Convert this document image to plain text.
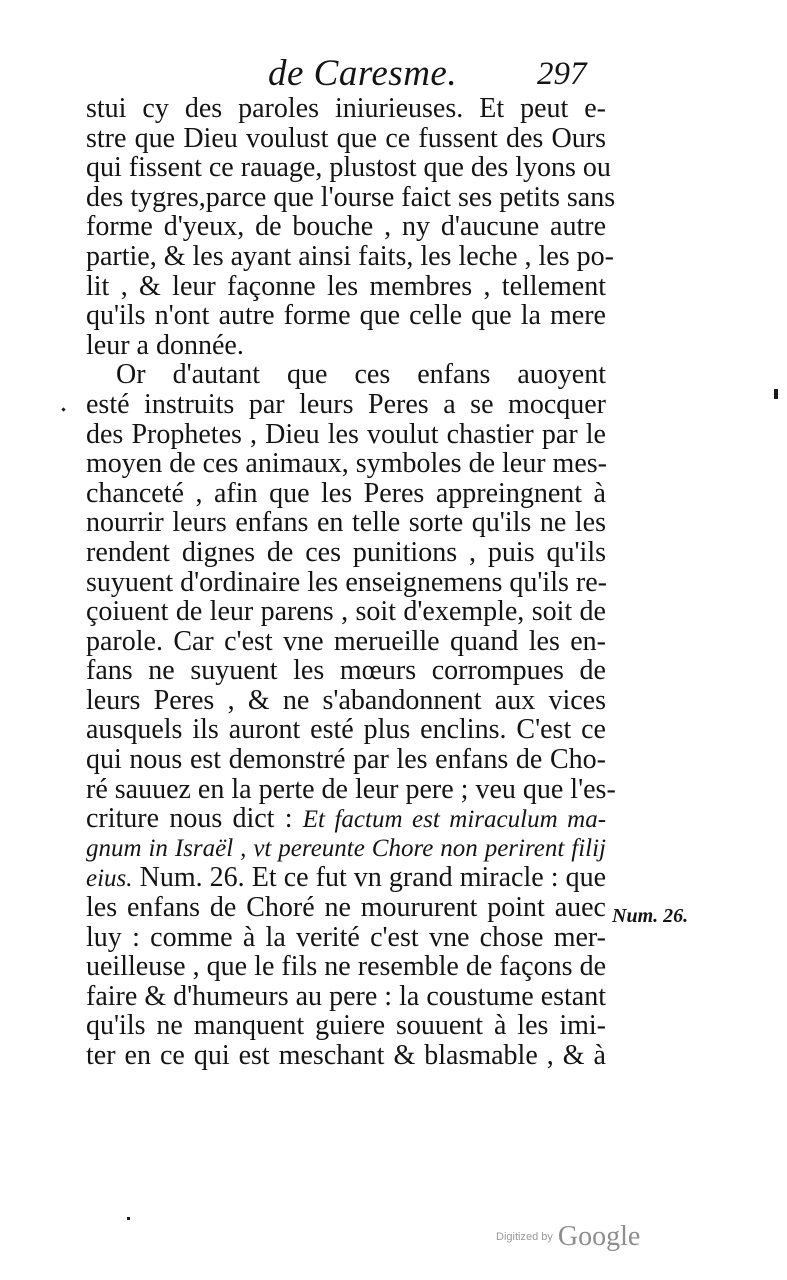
de Caresme. 297
stui cy des paroles iniurieuses. Et peut e-
stre que Dieu voulust que ce fussent des Ours
qui fissent ce rauage, plustost que des lyons ou
des tygres,parce que l'ourse faict ses petits sans
forme d'yeux, de bouche , ny d'aucune autre
partie, & les ayant ainsi faits, les leche , les po-
lit , & leur façonne les membres , tellement
qu'ils n'ont autre forme que celle que la mere
leur a donnée.
Or d'autant que ces enfans auoyent
esté instruits par leurs Peres a se mocquer
des Prophetes , Dieu les voulut chastier par le
moyen de ces animaux, symboles de leur mes-
chanceté , afin que les Peres appreingnent à
nourrir leurs enfans en telle sorte qu'ils ne les
rendent dignes de ces punitions , puis qu'ils
suyuent d'ordinaire les enseignemens qu'ils re-
çoiuent de leur parens , soit d'exemple, soit de
parole. Car c'est vne merueille quand les en-
fans ne suyuent les mœurs corrompues de
leurs Peres , & ne s'abandonnent aux vices
ausquels ils auront esté plus enclins. C'est ce
qui nous est demonstré par les enfans de Cho-
ré sauuez en la perte de leur pere ; veu que l'es-
criture nous dict : Et factum est miraculum ma-
gnum in Israël , vt pereunte Chore non perirent filij
eius. Num. 26. Et ce fut vn grand miracle : que
les enfans de Choré ne moururent point auec
luy : comme à la verité c'est vne chose mer-
ueilleuse , que le fils ne resemble de façons de
faire & d'humeurs au pere : la coustume estant
qu'ils ne manquent guiere souuent à les imi-
ter en ce qui est meschant & blasmable , & à
Num. 26.
Digitized by Google
